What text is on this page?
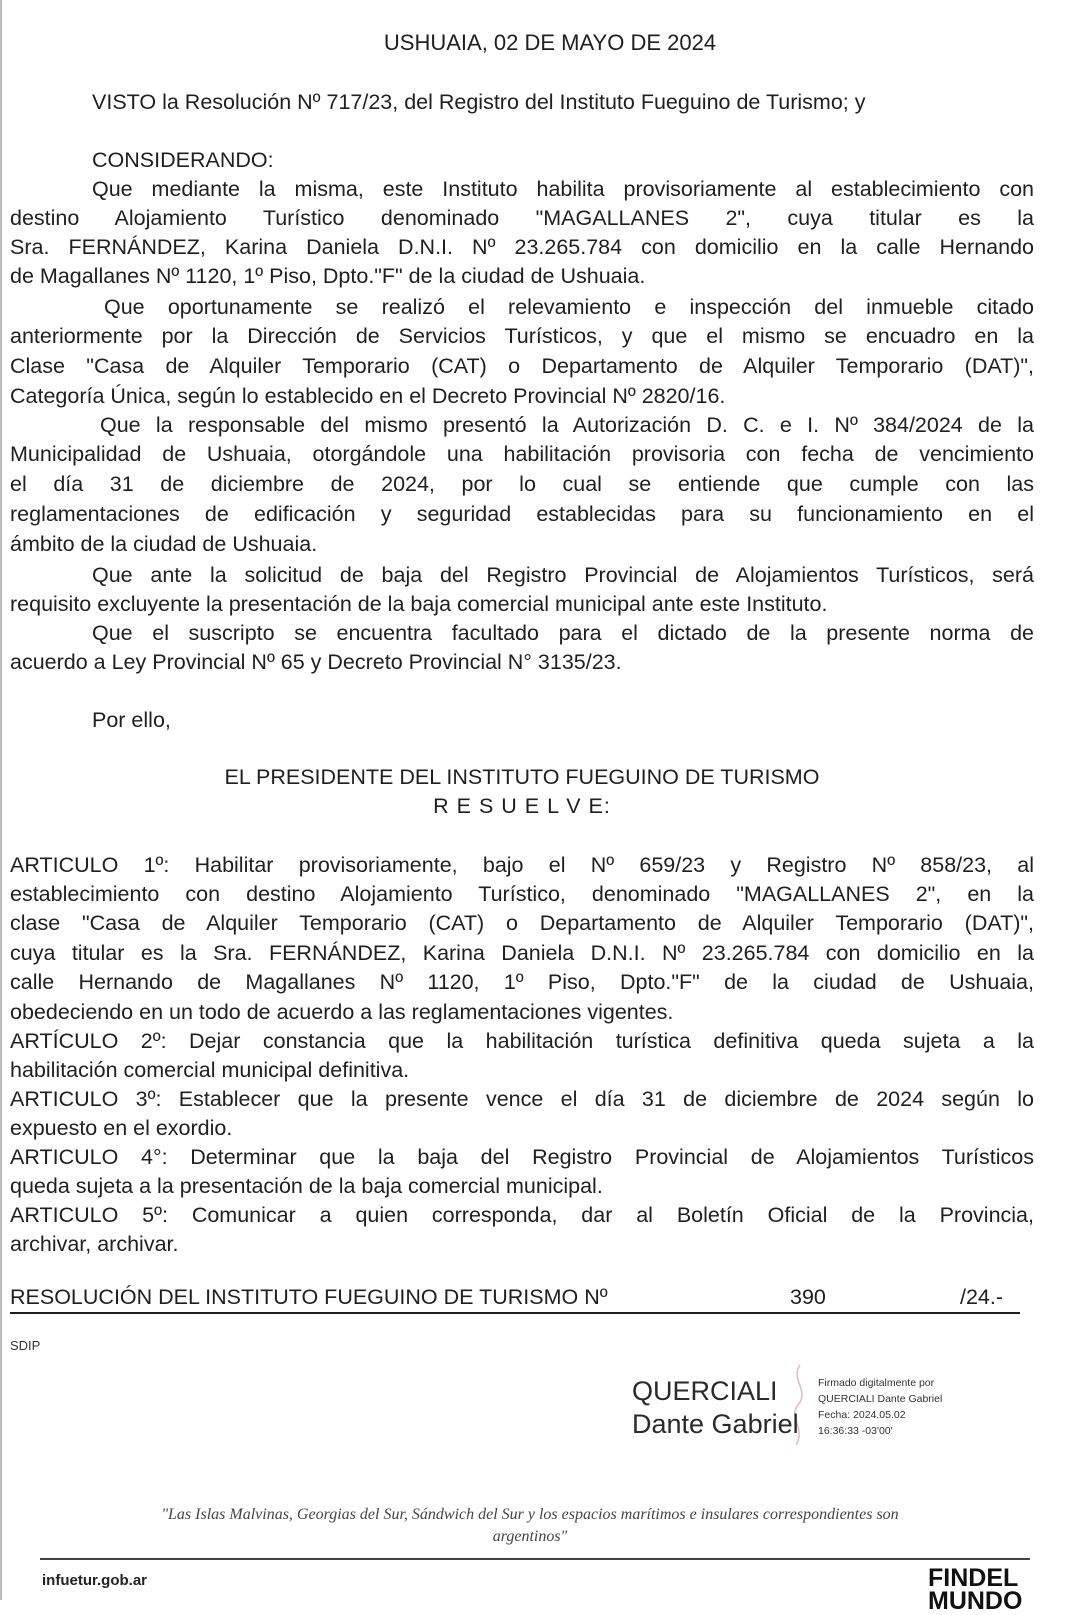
USHUAIA, 02 DE MAYO DE 2024
VISTO la Resolución Nº 717/23, del Registro del Instituto Fueguino de Turismo; y
CONSIDERANDO:
Que mediante la misma, este Instituto habilita provisoriamente al establecimiento con
destino Alojamiento Turístico denominado "MAGALLANES 2", cuya titular es la
Sra. FERNÁNDEZ, Karina Daniela D.N.I. Nº 23.265.784 con domicilio en la calle Hernando
de Magallanes Nº 1120, 1º Piso, Dpto."F" de la ciudad de Ushuaia.
Que oportunamente se realizó el relevamiento e inspección del inmueble citado
anteriormente por la Dirección de Servicios Turísticos, y que el mismo se encuadro en la
Clase "Casa de Alquiler Temporario (CAT) o Departamento de Alquiler Temporario (DAT)",
Categoría Única, según lo establecido en el Decreto Provincial Nº 2820/16.
Que la responsable del mismo presentó la Autorización D. C. e I. Nº 384/2024 de la
Municipalidad de Ushuaia, otorgándole una habilitación provisoria con fecha de vencimiento
el día 31 de diciembre de 2024, por lo cual se entiende que cumple con las
reglamentaciones de edificación y seguridad establecidas para su funcionamiento en el
ámbito de la ciudad de Ushuaia.
Que ante la solicitud de baja del Registro Provincial de Alojamientos Turísticos, será
requisito excluyente la presentación de la baja comercial municipal ante este Instituto.
Que el suscripto se encuentra facultado para el dictado de la presente norma de
acuerdo a Ley Provincial Nº 65 y Decreto Provincial N° 3135/23.
Por ello,
EL PRESIDENTE DEL INSTITUTO FUEGUINO DE TURISMO
R E S U E L V E:
ARTICULO 1º: Habilitar provisoriamente, bajo el Nº 659/23 y Registro Nº 858/23, al
establecimiento con destino Alojamiento Turístico, denominado "MAGALLANES 2", en la
clase "Casa de Alquiler Temporario (CAT) o Departamento de Alquiler Temporario (DAT)",
cuya titular es la Sra. FERNÁNDEZ, Karina Daniela D.N.I. Nº 23.265.784 con domicilio en la
calle Hernando de Magallanes Nº 1120, 1º Piso, Dpto."F" de la ciudad de Ushuaia,
obedeciendo en un todo de acuerdo a las reglamentaciones vigentes.
ARTÍCULO 2º: Dejar constancia que la habilitación turística definitiva queda sujeta a la
habilitación comercial municipal definitiva.
ARTICULO 3º: Establecer que la presente vence el día 31 de diciembre de 2024 según lo
expuesto en el exordio.
ARTICULO 4°: Determinar que la baja del Registro Provincial de Alojamientos Turísticos
queda sujeta a la presentación de la baja comercial municipal.
ARTICULO 5º: Comunicar a quien corresponda, dar al Boletín Oficial de la Provincia,
archivar, archivar.
RESOLUCIÓN DEL INSTITUTO FUEGUINO DE TURISMO Nº	390	/24.-

SDIP
QUERCIALI
Dante Gabriel
Firmado digitalmente por
QUERCIALI Dante Gabriel
Fecha: 2024.05.02
16:36:33 -03'00'
"Las Islas Malvinas, Georgias del Sur, Sándwich del Sur y los espacios marítimos e insulares correspondientes son
argentinos"
infuetur.gob.ar	FINDEL
MUNDO
